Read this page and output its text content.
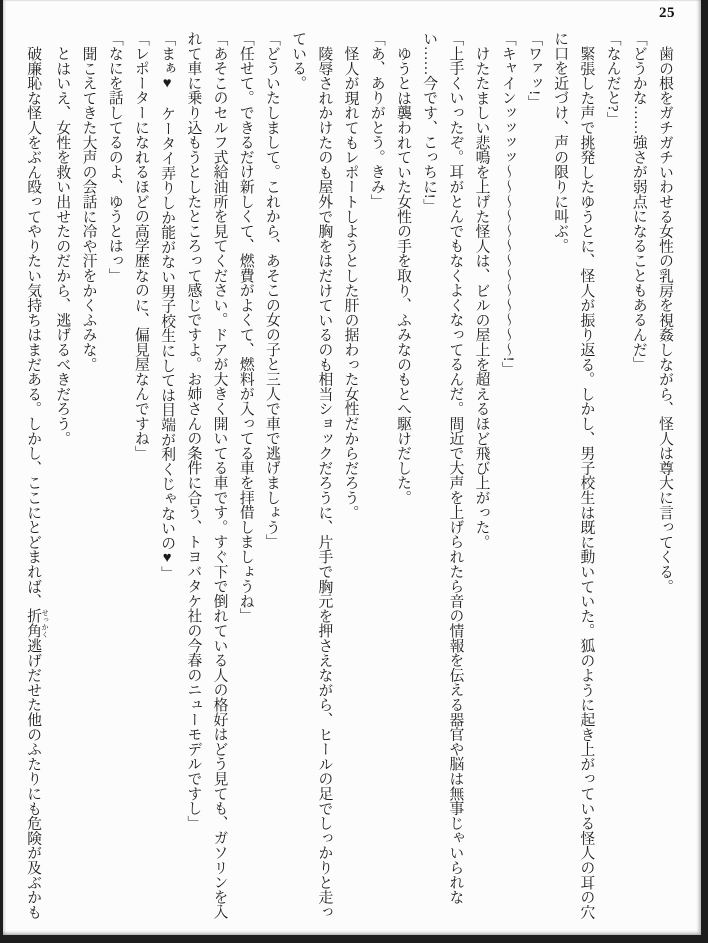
25

歯の根をガチガチいわせる女性の乳房を視姦しながら、怪人は尊大に言ってくる。

「どうかな……強さが弱点になることもあるんだ」

「なんだと?」

緊張した声で挑発したゆうとに、怪人が振り返る。しかし、男子校生は既に動いていた。狐のように起き上がっている怪人の耳の穴に口を近づけ、声の限りに叫ぶ。

「ワァッ!」

「キャインッッッッ〜〜〜〜〜〜〜〜〜〜〜〜〜!」

けたたましい悲鳴を上げた怪人は、ビルの屋上を超えるほど飛び上がった。

「上手くいったぞ。耳がとんでもなくよくなってるんだ。間近で大声を上げられたら音の情報を伝える器官や脳は無事じゃいられない……今です、こっちに!」

ゆうとは襲われていた女性の手を取り、ふみなのもとへ駆けだした。

「あ、ありがとう。きみ」

怪人が現れてもレポートしようとした肝の据わった女性だからだろう。

陵辱されかけたのも屋外で胸をはだけているのも相当ショックだろうに、片手で胸元を押さえながら、ヒールの足でしっかりと走っている。

「どういたしまして。これから、あそこの女の子と三人で車で逃げましょう」

「任せて。できるだけ新しくて、燃費がよくて、燃料が入ってる車を拝借しましょうね」

「あそこのセルフ式給油所を見てください。ドアが大きく開いてる車です。すぐ下で倒れている人の格好はどう見ても、ガソリンを入れて車に乗り込もうとしたところって感じですよ。お姉さんの条件に合う、トヨバタケ社の今春のニューモデルですし」

「まぁ♥　ケータイ弄りしか能がない男子校生にしては目端が利くじゃないの♥」

「レポーターになれるほどの高学歴なのに、偏見屋なんですね」

「なにを話してるのよ、ゆうとはっ」

聞こえてきた大声の会話に冷や汗をかくふみな。

とはいえ、女性を救い出せたのだから、逃げるべきだろう。

破廉恥な怪人をぶん殴ってやりたい気持ちはまだある。しかし、ここにとどまれば、折角 せっかく逃げだせた他のふたりにも危険が及ぶかも
